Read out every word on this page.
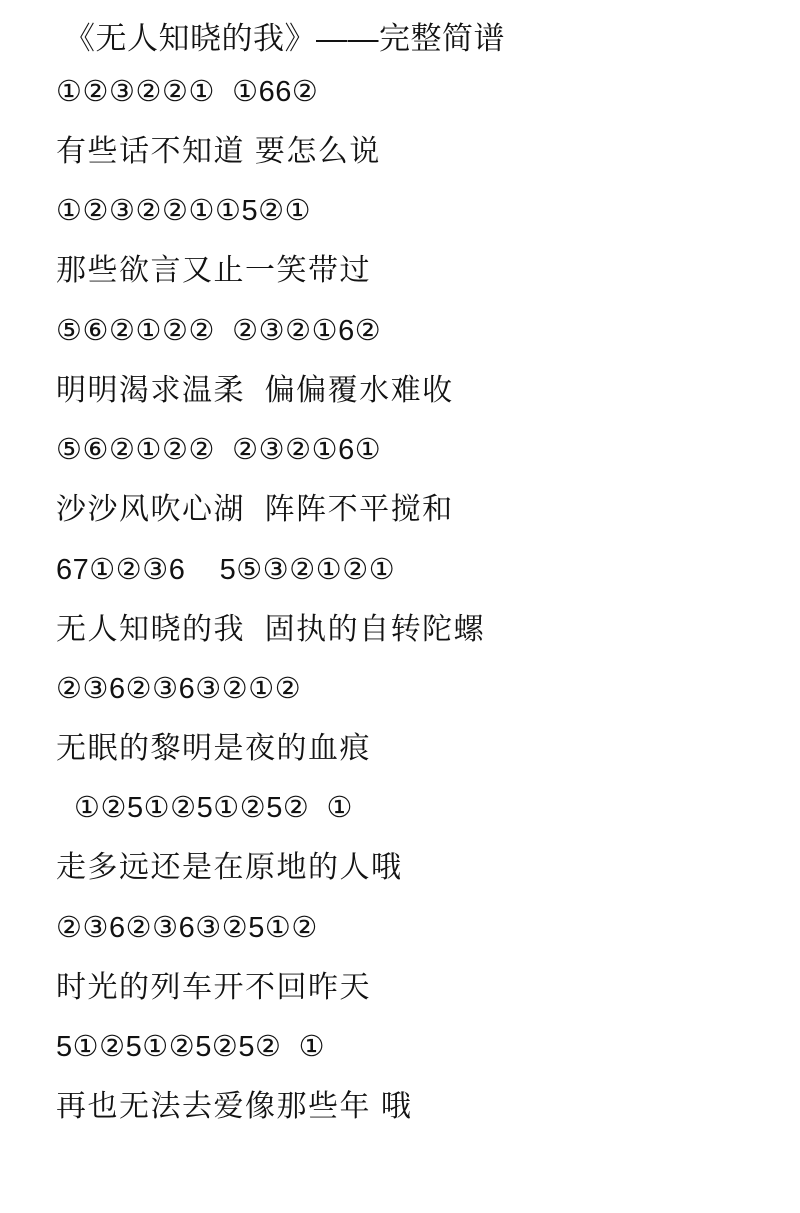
《无人知晓的我》——完整简谱
①②③②②①  ①66②
有些话不知道 要怎么说
①②③②②①①5②①
那些欲言又止一笑带过
⑤⑥②①②②  ②③②①6②
明明渴求温柔  偏偏覆水难收
⑤⑥②①②②  ②③②①6①
沙沙风吹心湖  阵阵不平搅和
67①②③6    5⑤③②①②①
无人知晓的我  固执的自转陀螺
②③6②③6③②①②
无眠的黎明是夜的血痕
①②5①②5①②5②  ①
走多远还是在原地的人哦
②③6②③6③②5①②
时光的列车开不回昨天
5①②5①②5②5②  ①
再也无法去爱像那些年 哦
